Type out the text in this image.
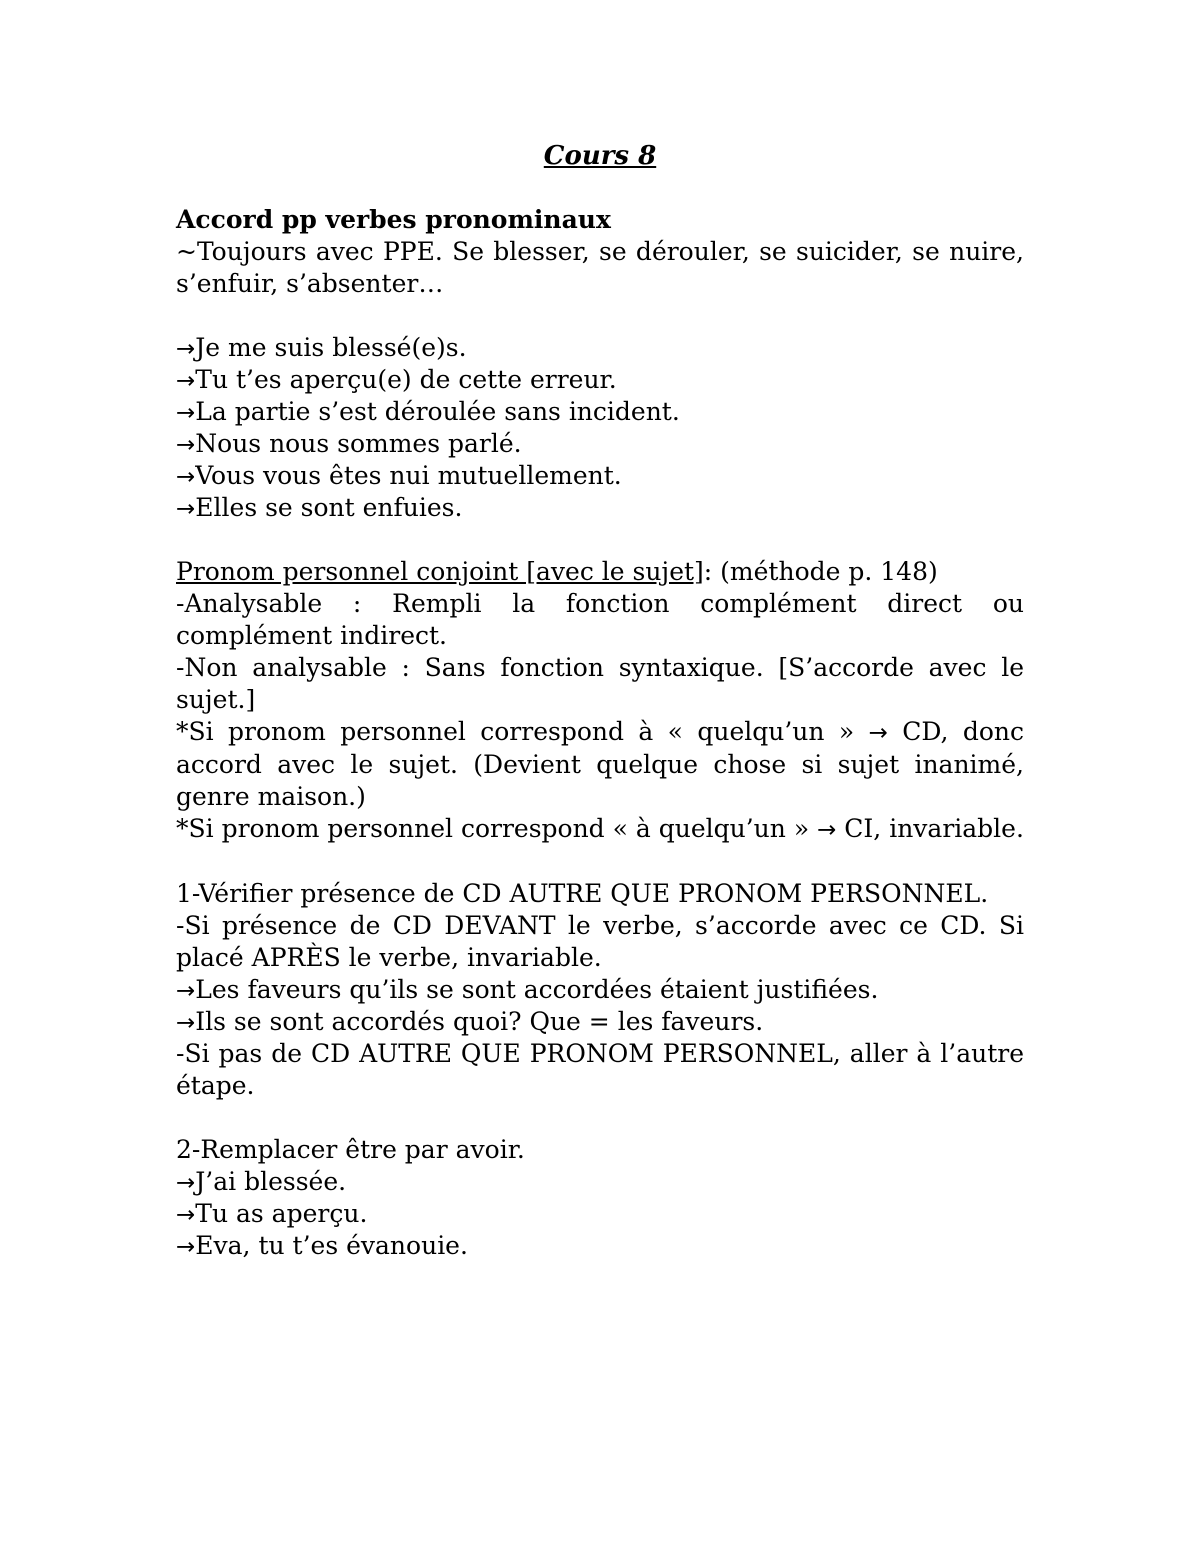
Cours 8
Accord pp verbes pronominaux
~Toujours avec PPE. Se blesser, se dérouler, se suicider, se nuire, s’enfuir, s’absenter…
→Je me suis blessé(e)s.
→Tu t’es aperçu(e) de cette erreur.
→La partie s’est déroulée sans incident.
→Nous nous sommes parlé.
→Vous vous êtes nui mutuellement.
→Elles se sont enfuies.
Pronom personnel conjoint [avec le sujet]: (méthode p. 148)
-Analysable : Rempli la fonction complément direct ou complément indirect.
-Non analysable : Sans fonction syntaxique. [S’accorde avec le sujet.]
*Si pronom personnel correspond à « quelqu’un » → CD, donc accord avec le sujet. (Devient quelque chose si sujet inanimé, genre maison.)
*Si pronom personnel correspond « à quelqu’un » → CI, invariable.
1-Vérifier présence de CD AUTRE QUE PRONOM PERSONNEL.
-Si présence de CD DEVANT le verbe, s’accorde avec ce CD. Si placé APRÈS le verbe, invariable.
→Les faveurs qu’ils se sont accordées étaient justifiées.
→Ils se sont accordés quoi? Que = les faveurs.
-Si pas de CD AUTRE QUE PRONOM PERSONNEL, aller à l’autre étape.
2-Remplacer être par avoir.
→J’ai blessée.
→Tu as aperçu.
→Eva, tu t’es évanouie.
